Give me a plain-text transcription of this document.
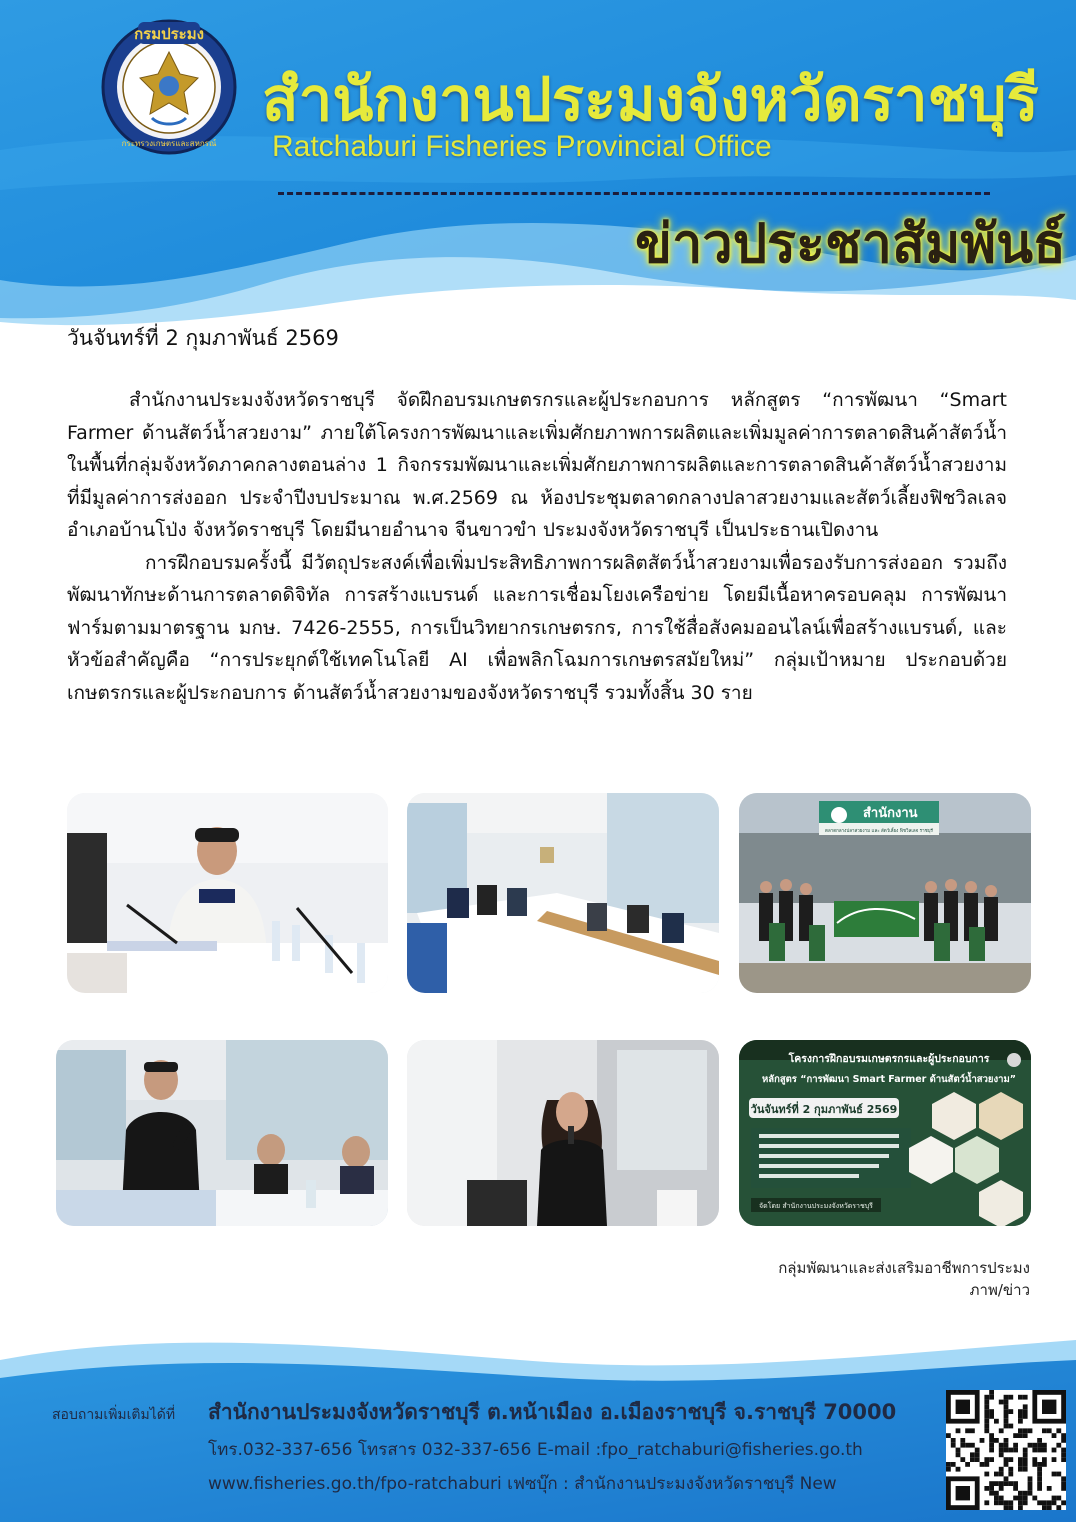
กรมประมง
กระทรวงเกษตรและสหกรณ์
สำนักงานประมงจังหวัดราชบุรี
Ratchaburi Fisheries Provincial Office
ข่าวประชาสัมพันธ์
วันจันทร์ที่ 2 กุมภาพันธ์ 2569

สำนักงานประมงจังหวัดราชบุรี จัดฝึกอบรมเกษตรกรและผู้ประกอบการ หลักสูตร “การพัฒนา “Smart Farmer ด้านสัตว์น้ำสวยงาม” ภายใต้โครงการพัฒนาและเพิ่มศักยภาพการผลิตและเพิ่มมูลค่าการตลาดสินค้าสัตว์น้ำในพื้นที่กลุ่มจังหวัดภาคกลางตอนล่าง 1 กิจกรรมพัฒนาและเพิ่มศักยภาพการผลิตและการตลาดสินค้าสัตว์น้ำสวยงามที่มีมูลค่าการส่งออก ประจำปีงบประมาณ พ.ศ.2569 ณ ห้องประชุมตลาดกลางปลาสวยงามและสัตว์เลี้ยงฟิชวิลเลจ อำเภอบ้านโป่ง จังหวัดราชบุรี โดยมีนายอำนาจ จีนขาวขำ ประมงจังหวัดราชบุรี เป็นประธานเปิดงาน

การฝึกอบรมครั้งนี้ มีวัตถุประสงค์เพื่อเพิ่มประสิทธิภาพการผลิตสัตว์น้ำสวยงามเพื่อรองรับการส่งออก รวมถึงพัฒนาทักษะด้านการตลาดดิจิทัล การสร้างแบรนด์ และการเชื่อมโยงเครือข่าย โดยมีเนื้อหาครอบคลุม การพัฒนาฟาร์มตามมาตรฐาน มกษ. 7426-2555, การเป็นวิทยากรเกษตรกร, การใช้สื่อสังคมออนไลน์เพื่อสร้างแบรนด์, และหัวข้อสำคัญคือ “การประยุกต์ใช้เทคโนโลยี AI เพื่อพลิกโฉมการเกษตรสมัยใหม่” กลุ่มเป้าหมาย ประกอบด้วย เกษตรกรและผู้ประกอบการ ด้านสัตว์น้ำสวยงามของจังหวัดราชบุรี รวมทั้งสิ้น 30 ราย

สำนักงาน
ตลาดกลางปลาสวยงาม และ สัตว์เลี้ยง ฟิชวิลเลจ ราชบุรี
โครงการฝึกอบรมเกษตรกรและผู้ประกอบการ
หลักสูตร “การพัฒนา Smart Farmer ด้านสัตว์น้ำสวยงาม”
วันจันทร์ที่ 2 กุมภาพันธ์ 2569
จัดโดย สำนักงานประมงจังหวัดราชบุรี
กลุ่มพัฒนาและส่งเสริมอาชีพการประมง
ภาพ/ข่าว
สอบถามเพิ่มเติมได้ที่ สำนักงานประมงจังหวัดราชบุรี ต.หน้าเมือง อ.เมืองราชบุรี จ.ราชบุรี 70000
โทร.032-337-656 โทรสาร 032-337-656 E-mail :fpo_ratchaburi@fisheries.go.th
www.fisheries.go.th/fpo-ratchaburi เฟซบุ๊ก : สำนักงานประมงจังหวัดราชบุรี New
